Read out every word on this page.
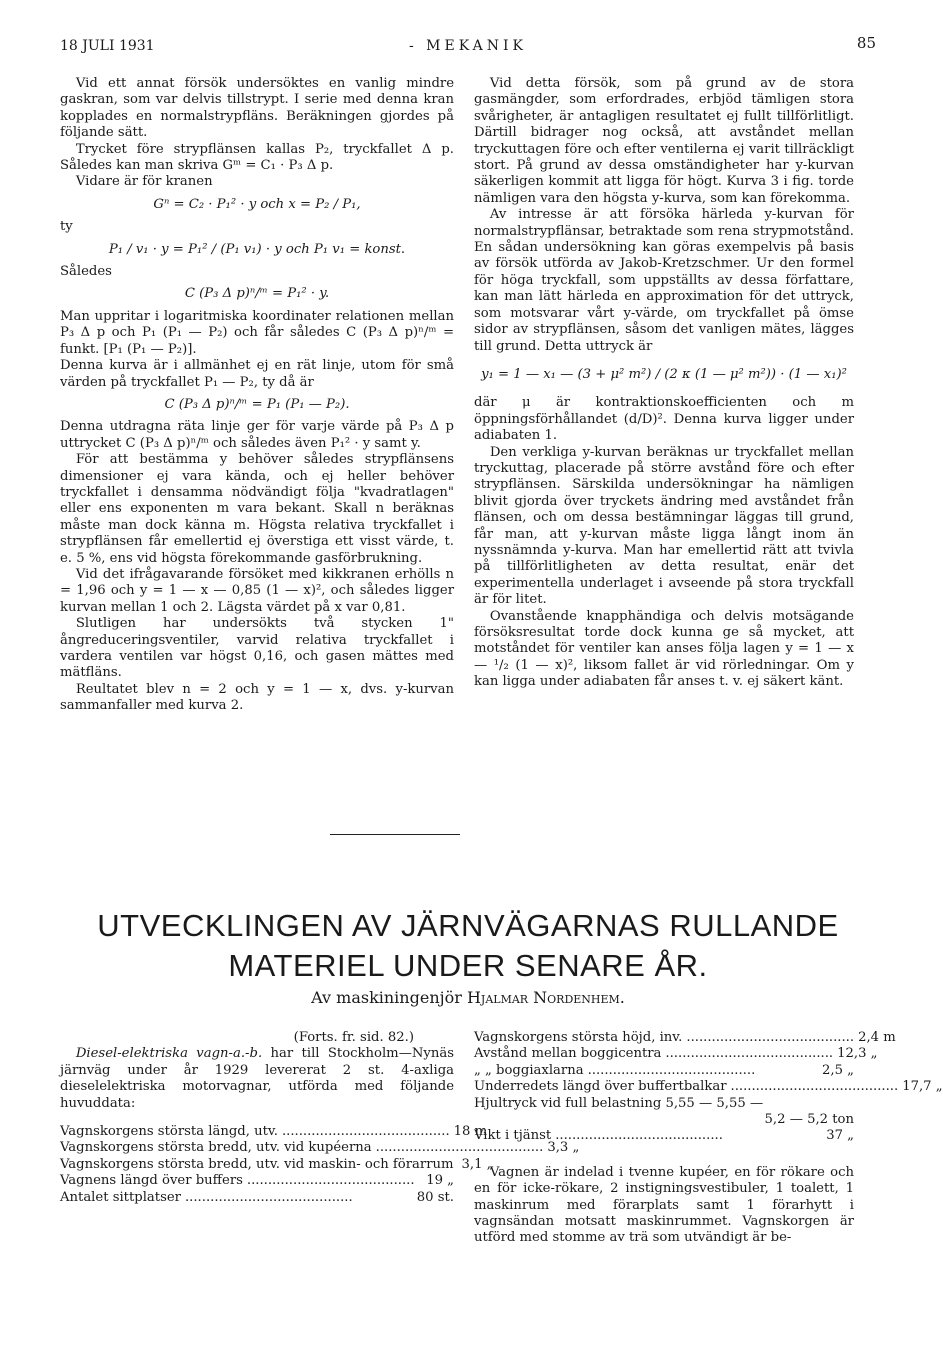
18 JULI 1931	- MEKANIK	85

Vid ett annat försök undersöktes en vanlig mindre gaskran, som var delvis tillstrypt. I serie med denna kran kopplades en normalstrypfläns. Beräkningen gjordes på följande sätt.

Trycket före strypflänsen kallas P₂, tryckfallet Δ p. Således kan man skriva Gᵐ = C₁ · P₃ Δ p.

Vidare är för kranen

Gⁿ = C₂ · P₁² · y och x = P₂ / P₁,
ty
P₁ / v₁ · y = P₁² / (P₁ v₁) · y och P₁ v₁ = konst.
Således
C (P₃ Δ p)ⁿ/ᵐ = P₁² · y.

Man uppritar i logaritmiska koordinater relationen mellan P₃ Δ p och P₁ (P₁ — P₂) och får således C (P₃ Δ p)ⁿ/ᵐ = funkt. [P₁ (P₁ — P₂)].

Denna kurva är i allmänhet ej en rät linje, utom för små värden på tryckfallet P₁ — P₂, ty då är

C (P₃ Δ p)ⁿ/ᵐ = P₁ (P₁ — P₂).

Denna utdragna räta linje ger för varje värde på P₃ Δ p uttrycket C (P₃ Δ p)ⁿ/ᵐ och således även P₁² · y samt y.

För att bestämma y behöver således strypflänsens dimensioner ej vara kända, och ej heller behöver tryckfallet i densamma nödvändigt följa "kvadratlagen" eller ens exponenten m vara bekant. Skall n beräknas måste man dock känna m. Högsta relativa tryckfallet i strypflänsen får emellertid ej överstiga ett visst värde, t. e. 5 %, ens vid högsta förekommande gasförbrukning.

Vid det ifrågavarande försöket med kikkranen erhölls n = 1,96 och y = 1 — x — 0,85 (1 — x)², och således ligger kurvan mellan 1 och 2. Lägsta värdet på x var 0,81.

Slutligen har undersökts två stycken 1" ångreduceringsventiler, varvid relativa tryckfallet i vardera ventilen var högst 0,16, och gasen mättes med mätfläns.

Reultatet blev n = 2 och y = 1 — x, dvs. y-kurvan sammanfaller med kurva 2.

Vid detta försök, som på grund av de stora gasmängder, som erfordrades, erbjöd tämligen stora svårigheter, är antagligen resultatet ej fullt tillförlitligt. Därtill bidrager nog också, att avståndet mellan tryckuttagen före och efter ventilerna ej varit tillräckligt stort. På grund av dessa omständigheter har y-kurvan säkerligen kommit att ligga för högt. Kurva 3 i fig. torde nämligen vara den högsta y-kurva, som kan förekomma.

Av intresse är att försöka härleda y-kurvan för normalstrypflänsar, betraktade som rena strypmotstånd. En sådan undersökning kan göras exempelvis på basis av försök utförda av Jakob-Kretzschmer. Ur den formel för höga tryckfall, som uppställts av dessa författare, kan man lätt härleda en approximation för det uttryck, som motsvarar vårt y-värde, om tryckfallet på ömse sidor av strypflänsen, såsom det vanligen mätes, lägges till grund. Detta uttryck är

y₁ = 1 — x₁ — (3 + μ² m²) / (2 κ (1 — μ² m²)) · (1 — x₁)²

där μ är kontraktionskoefficienten och m öppningsförhållandet (d/D)². Denna kurva ligger under adiabaten 1.

Den verkliga y-kurvan beräknas ur tryckfallet mellan tryckuttag, placerade på större avstånd före och efter strypflänsen. Särskilda undersökningar ha nämligen blivit gjorda över tryckets ändring med avståndet från flänsen, och om dessa bestämningar läggas till grund, får man, att y-kurvan måste ligga långt inom än nyssnämnda y-kurva. Man har emellertid rätt att tvivla på tillförlitligheten av detta resultat, enär det experimentella underlaget i avseende på stora tryckfall är för litet.

Ovanstående knapphändiga och delvis motsägande försöksresultat torde dock kunna ge så mycket, att motståndet för ventiler kan anses följa lagen y = 1 — x — ¹/₂ (1 — x)², liksom fallet är vid rörledningar. Om y kan ligga under adiabaten får anses t. v. ej säkert känt.

UTVECKLINGEN AV JÄRNVÄGARNAS RULLANDE MATERIEL UNDER SENARE ÅR.
Av maskiningenjör Hjalmar Nordenhem.
(Forts. fr. sid. 82.)

Diesel-elektriska vagn-a.-b. har till Stockholm—Nynäs järnväg under år 1929 levererat 2 st. 4-axliga dieselelektriska motorvagnar, utförda med följande huvuddata:

Vagnskorgens största längd, utv. ........................................ 18 m
Vagnskorgens största bredd, utv. vid kupéerna ........................................ 3,3 „
Vagnskorgens största bredd, utv. vid maskin- och förarrum 3,1 „
Vagnens längd över buffers ........................................ 19 „
Antalet sittplatser ........................................	80 st.
Vagnskorgens största höjd, inv. ........................................ 2,4 m
Avstånd mellan boggicentra ........................................ 12,3 „
„ „ boggiaxlarna ........................................	2,5 „
Underredets längd över buffertbalkar ........................................ 17,7 „
Hjultryck vid full belastning 5,55 — 5,55 —
5,2 — 5,2 ton
Vikt i tjänst ........................................	37 „

Vagnen är indelad i tvenne kupéer, en för rökare och en för icke-rökare, 2 instigningsvestibuler, 1 toalett, 1 maskinrum med förarplats samt 1 förarhytt i vagnsändan motsatt maskinrummet. Vagnskorgen är utförd med stomme av trä som utvändigt är be-
